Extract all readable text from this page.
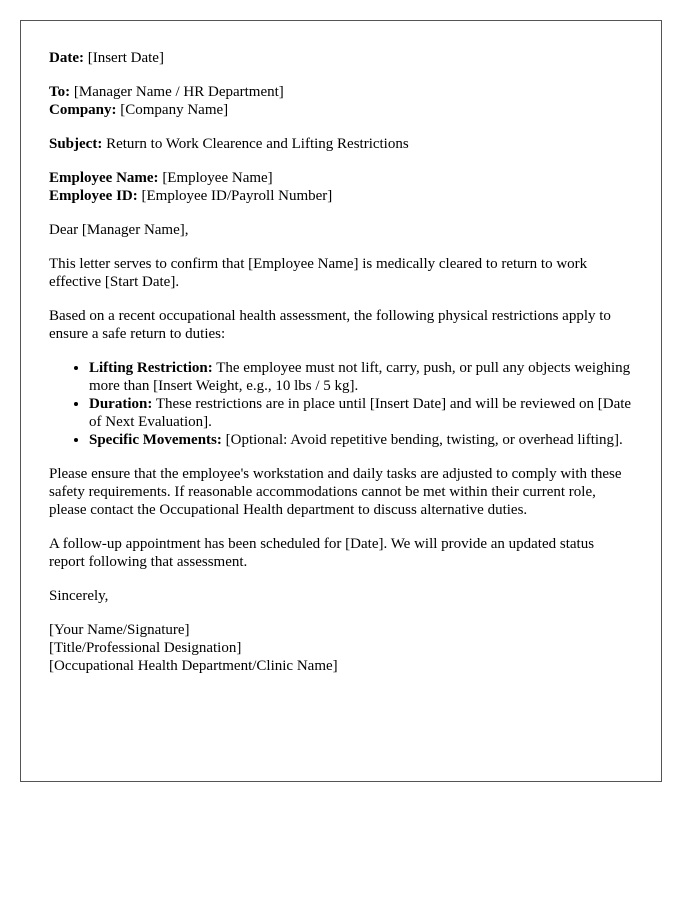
Date: [Insert Date]

To: [Manager Name / HR Department]
Company: [Company Name]

Subject: Return to Work Clearence and Lifting Restrictions

Employee Name: [Employee Name]
Employee ID: [Employee ID/Payroll Number]

Dear [Manager Name],

This letter serves to confirm that [Employee Name] is medically cleared to return to work effective [Start Date].

Based on a recent occupational health assessment, the following physical restrictions apply to ensure a safe return to duties:

• Lifting Restriction: The employee must not lift, carry, push, or pull any objects weighing more than [Insert Weight, e.g., 10 lbs / 5 kg].
• Duration: These restrictions are in place until [Insert Date] and will be reviewed on [Date of Next Evaluation].
• Specific Movements: [Optional: Avoid repetitive bending, twisting, or overhead lifting].

Please ensure that the employee's workstation and daily tasks are adjusted to comply with these safety requirements. If reasonable accommodations cannot be met within their current role, please contact the Occupational Health department to discuss alternative duties.

A follow-up appointment has been scheduled for [Date]. We will provide an updated status report following that assessment.

Sincerely,

[Your Name/Signature]
[Title/Professional Designation]
[Occupational Health Department/Clinic Name]
